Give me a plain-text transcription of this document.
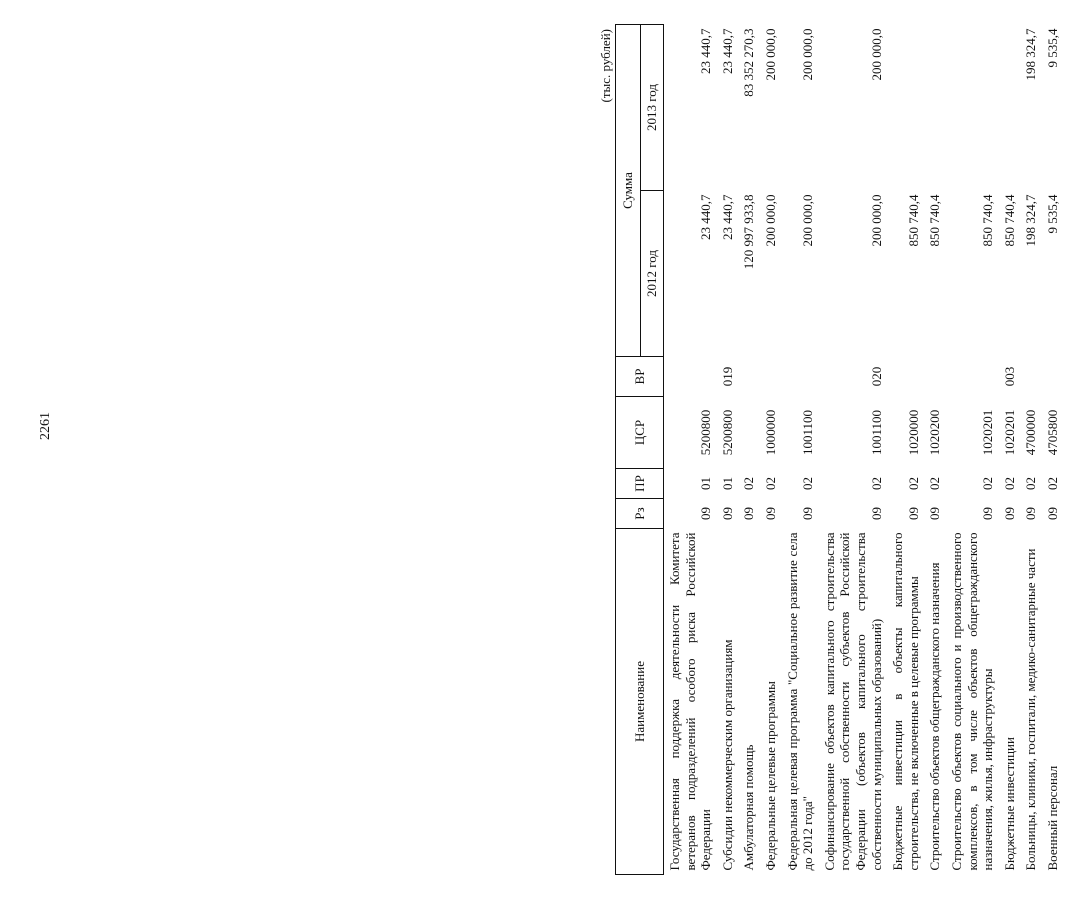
2261
(тыс. рублей)
Наименование	Рз	ПР	ЦСР	ВР	Сумма	
					2012 год	2013 год
Государственная поддержка деятельности Комитета ветеранов подразделений особого риска Российской Федерации	09	01	5200800		23 440,7	23 440,7
Субсидии некоммерческим организациям	09	01	5200800	019	23 440,7	23 440,7
Амбулаторная помощь	09	02			120 997 933,8	83 352 270,3
Федеральные целевые программы	09	02	1000000		200 000,0	200 000,0
Федеральная целевая программа "Социальное развитие села до 2012 года"	09	02	1001100		200 000,0	200 000,0
Софинансирование объектов капитального строительства государственной собственности субъектов Российской Федерации (объектов капитального строительства собственности муниципальных образований)	09	02	1001100	020	200 000,0	200 000,0
Бюджетные инвестиции в объекты капитального строительства, не включенные в целевые программы	09	02	1020000		850 740,4	
Строительство объектов общегражданского назначения	09	02	1020200		850 740,4	
Строительство объектов социального и производственного комплексов, в том числе объектов общегражданского назначения, жилья, инфраструктуры	09	02	1020201		850 740,4	
Бюджетные инвестиции	09	02	1020201	003	850 740,4	
Больницы, клиники, госпитали, медико-санитарные части	09	02	4700000		198 324,7	198 324,7
Военный персонал	09	02	4705800		9 535,4	9 535,4
